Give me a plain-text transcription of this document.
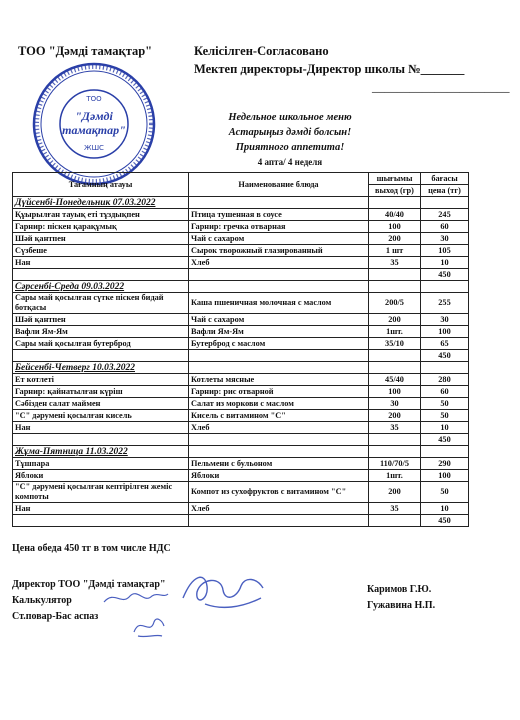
ТОО "Дәмді тамақтар"	Келісілген-Согласовано
Мектеп директоры-Директор школы №_______
______________________
ТОО
"Дәмді
тамақтар"
ЖШС
Недельное школьное меню
Астарыңыз дәмді болсын!
Приятного аппетита!
4 апта/ 4 неделя
Тағамның атауы	Наименование блюда	шығымы	бағасы
		выход (гр)	цена (тг)
Дүйсенбі-Понедельник 07.03.2022			
Құырылған тауық еті тұздықпен	Птица тушенная в соусе	40/40	245
Гарнир: піскен қарақұмық	Гарнир: гречка отварная	100	60
Шәй қантпен	Чай с сахаром	200	30
Сүзбеше	Сырок творожный глазированный	1 шт	105
Нан	Хлеб	35	10
			450
Сәрсенбі-Среда 09.03.2022			
Сары май қосылған сүтке піскен бидай ботқасы	Каша пшеничная молочная с маслом	200/5	255
Шәй қантпен	Чай с сахаром	200	30
Вафли Ям-Ям	Вафли Ям-Ям	1шт.	100
Сары май қосылған бутерброд	Бутерброд с маслом	35/10	65
			450
Бейсенбі-Четверг 10.03.2022			
Ет котлеті	Котлеты мясные	45/40	280
Гарнир: қайнатылған күріш	Гарнир: рис отварной	100	60
Сәбізден салат маймен	Салат из моркови с маслом	30	50
"С" дәрумені қосылған кисель	Кисель с витамином "С"	200	50
Нан	Хлеб	35	10
			450
Жұма-Пятница 11.03.2022			
Тұшпара	Пельмени с бульоном	110/70/5	290
Яблоки	Яблоки	1шт.	100
"С" дәрумені қосылған кептірілген жеміс компоты	Компот из сухофруктов с витамином "С"	200	50
Нан	Хлеб	35	10
			450
Цена обеда 450 тг в том числе НДС
Директор ТОО "Дәмді тамақтар"
Калькулятор
Ст.повар-Бас аспаз
Каримов Г.Ю.
Гужавина Н.П.
